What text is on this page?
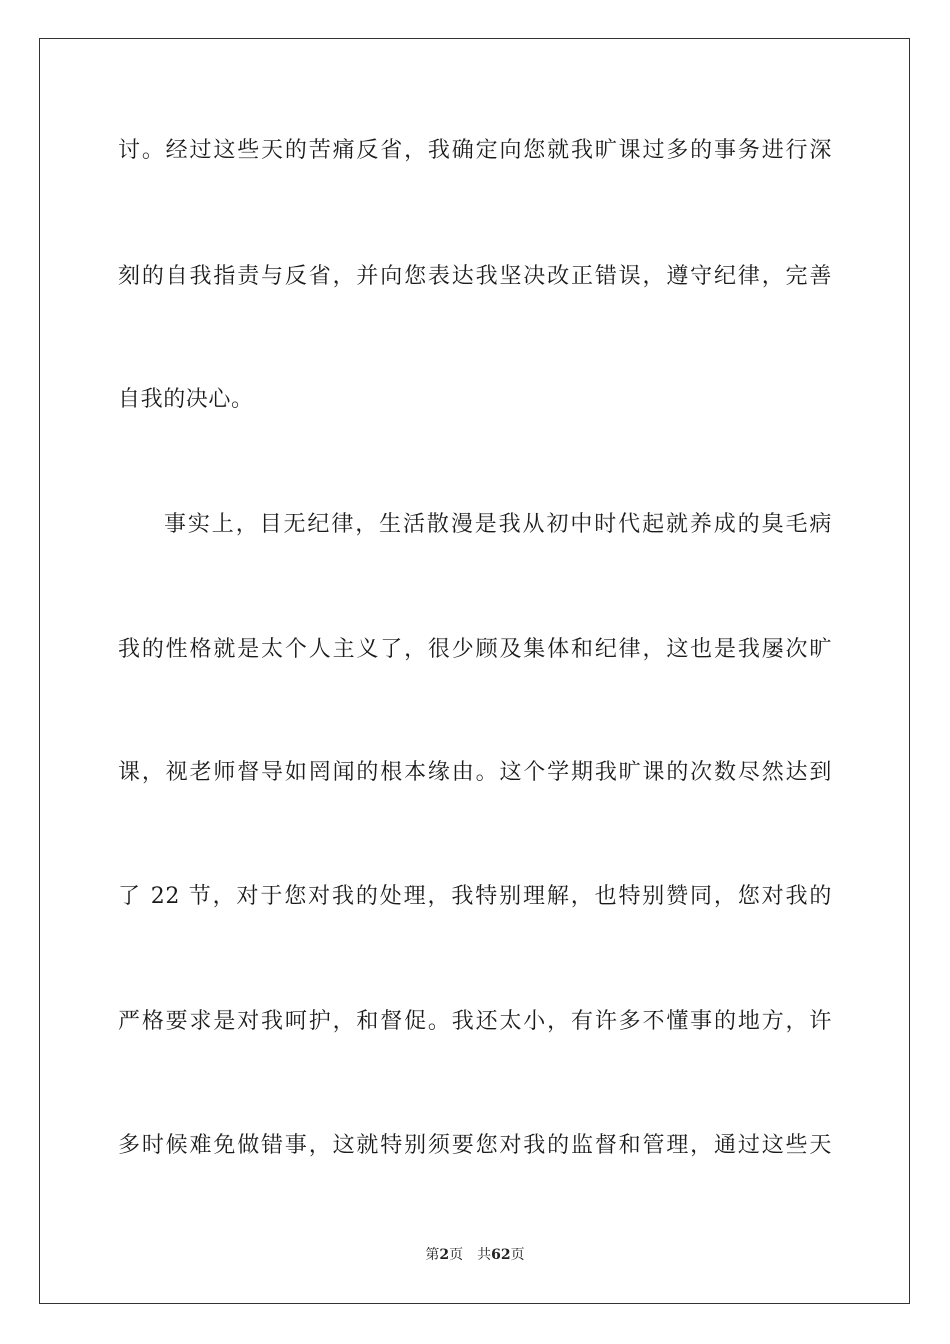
讨。经过这些天的苦痛反省，我确定向您就我旷课过多的事务进行深
刻的自我指责与反省，并向您表达我坚决改正错误，遵守纪律，完善
自我的决心。
事实上，目无纪律，生活散漫是我从初中时代起就养成的臭毛病
我的性格就是太个人主义了，很少顾及集体和纪律，这也是我屡次旷
课，视老师督导如罔闻的根本缘由。这个学期我旷课的次数尽然达到
了 22 节，对于您对我的处理，我特别理解，也特别赞同，您对我的
严格要求是对我呵护，和督促。我还太小，有许多不懂事的地方，许
多时候难免做错事，这就特别须要您对我的监督和管理，通过这些天
第2页 共62页
